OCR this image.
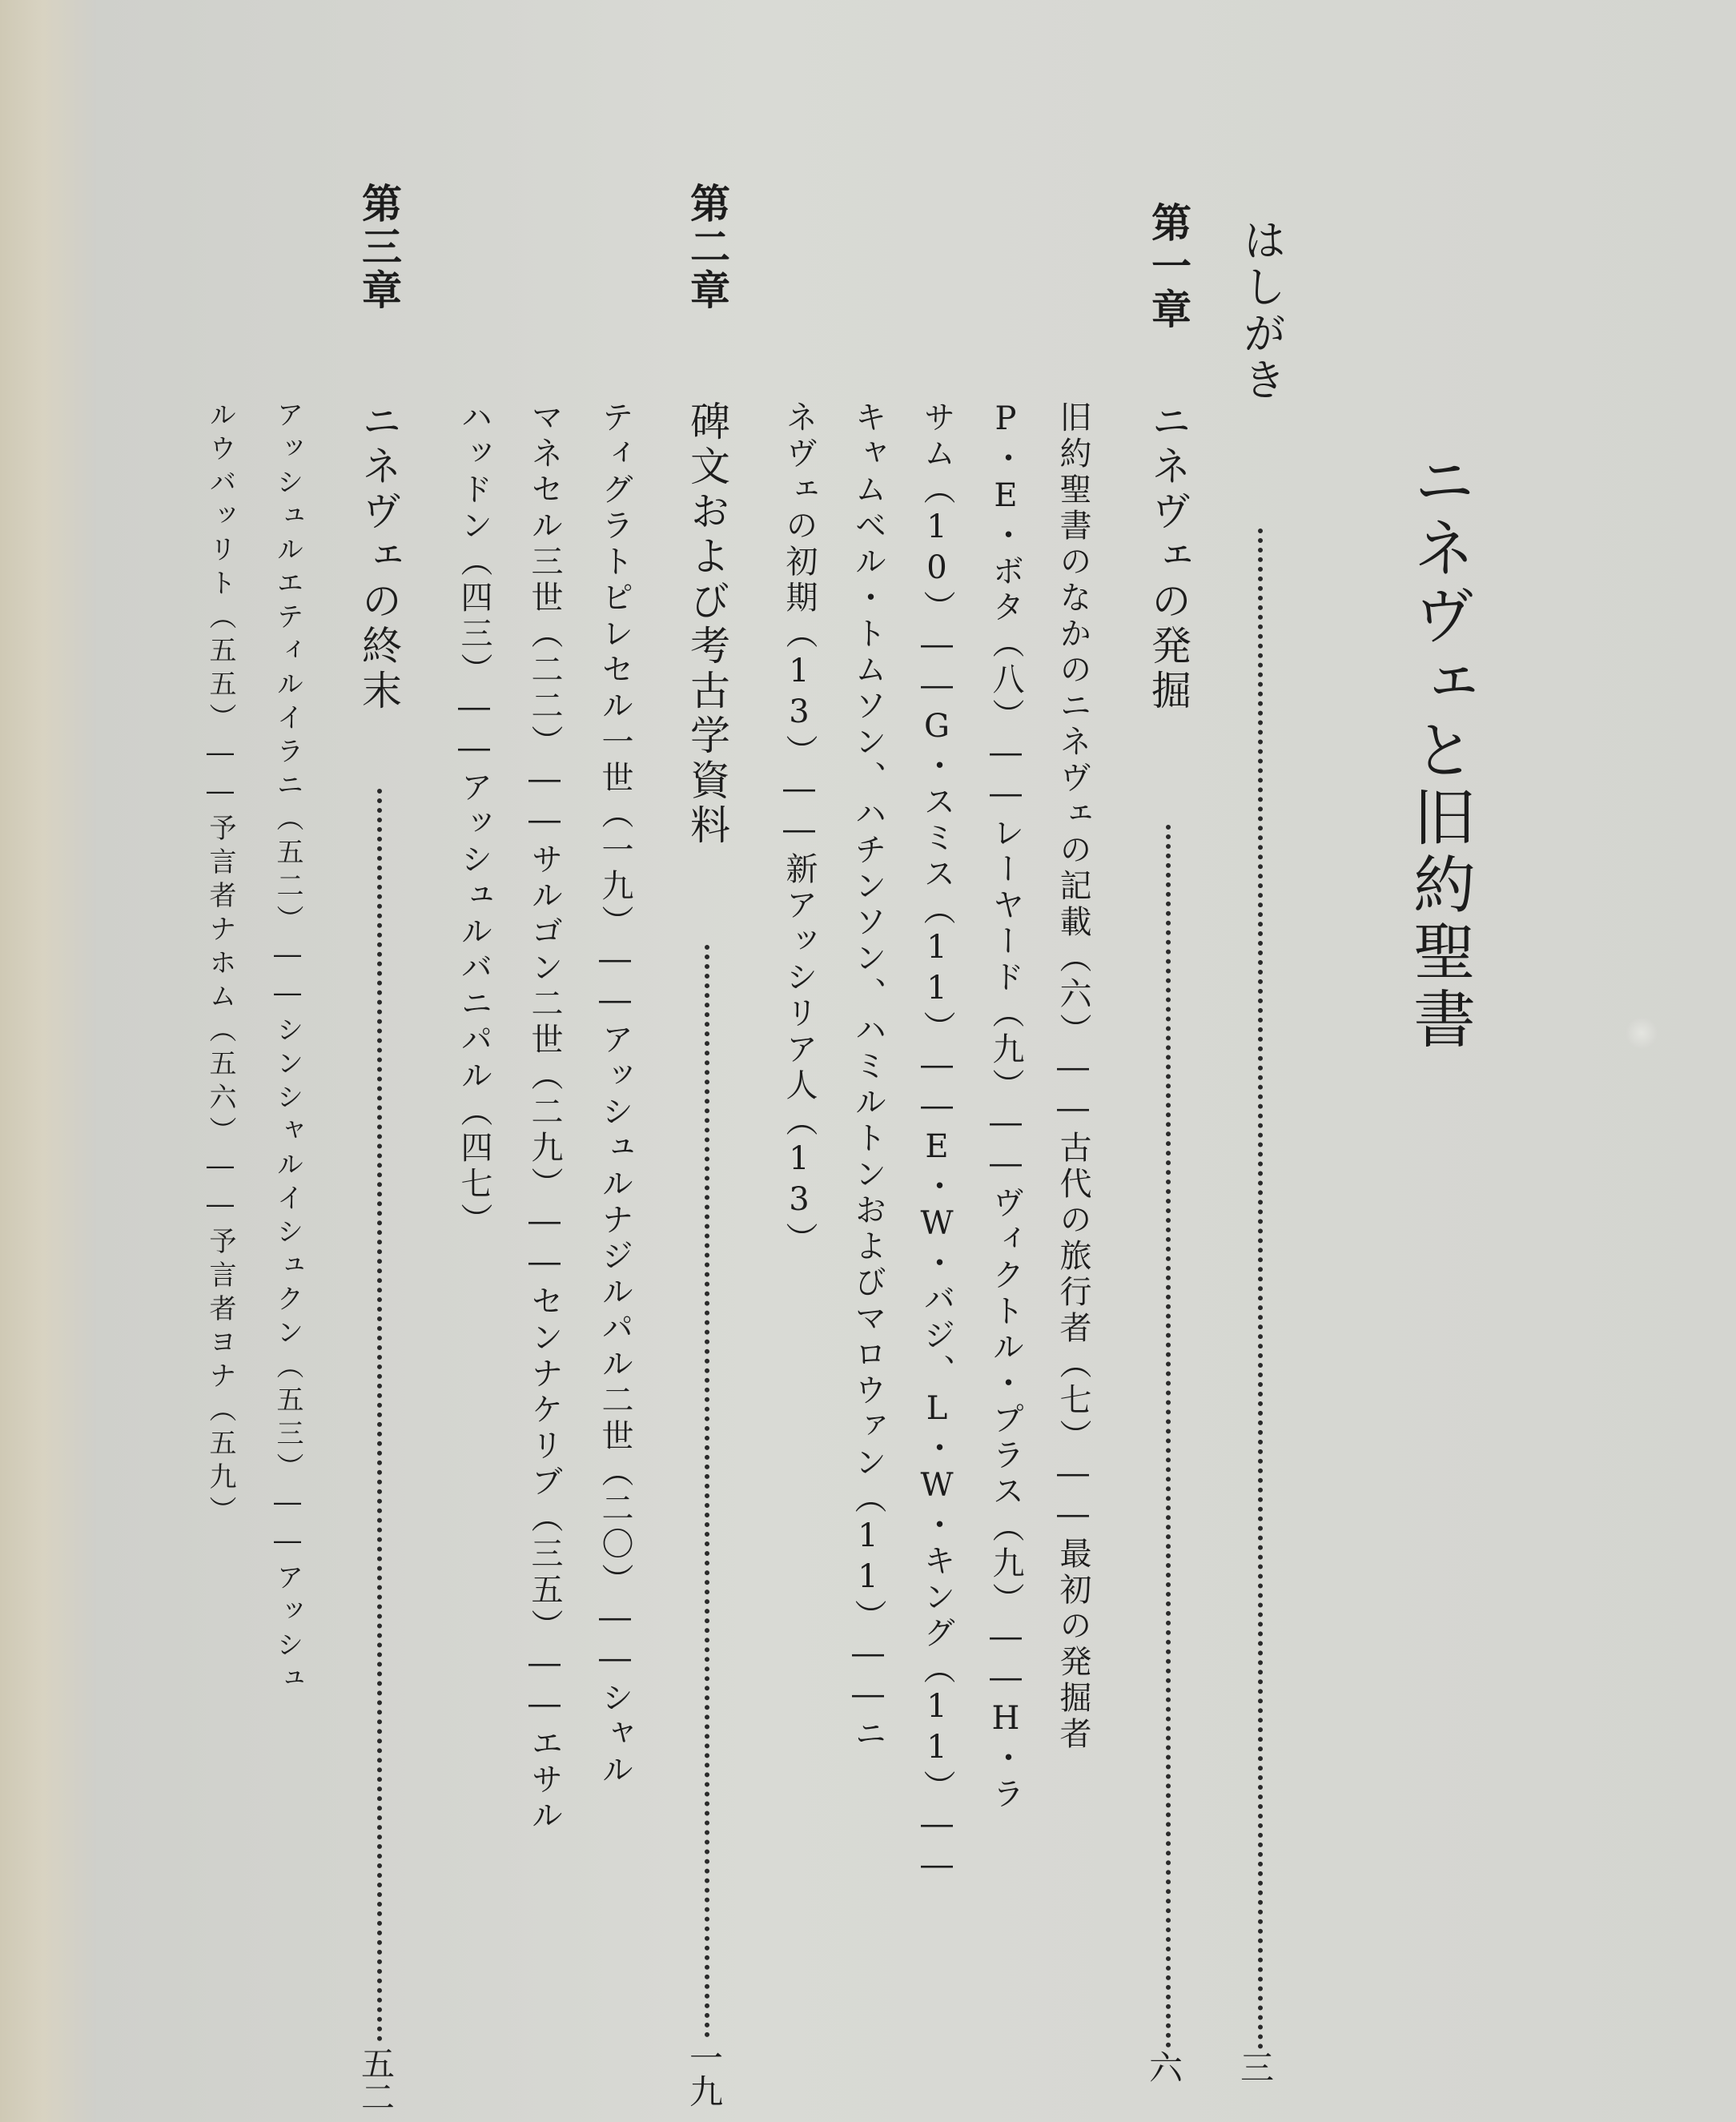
ニネヴェと旧約聖書
はしがき
三
第一章
ニネヴェの発掘
六
旧約聖書のなかのニネヴェの記載（六）――古代の旅行者（七）――最初の発掘者
P・E・ボタ（八）――レーヤード（九）――ヴィクトル・プラス（九）――H・ラ
サム（10）――G・スミス（11）――E・W・バジ、L・W・キング（11）――
キャムベル・トムソン、ハチンソン、ハミルトンおよびマロウァン（11）――ニ
ネヴェの初期（13）――新アッシリア人（13）
第二章
碑文および考古学資料
一九
ティグラトピレセル一世（一九）――アッシュルナジルパル二世（二〇）――シャル
マネセル三世（二二）――サルゴン二世（二九）――センナケリブ（三五）――エサル
ハッドン（四三）――アッシュルバニパル（四七）
第三章
ニネヴェの終末
五二
アッシュルエティルイラニ（五二）――シンシャルイシュクン（五三）――アッシュ
ルウバッリト（五五）――予言者ナホム（五六）――予言者ヨナ（五九）
